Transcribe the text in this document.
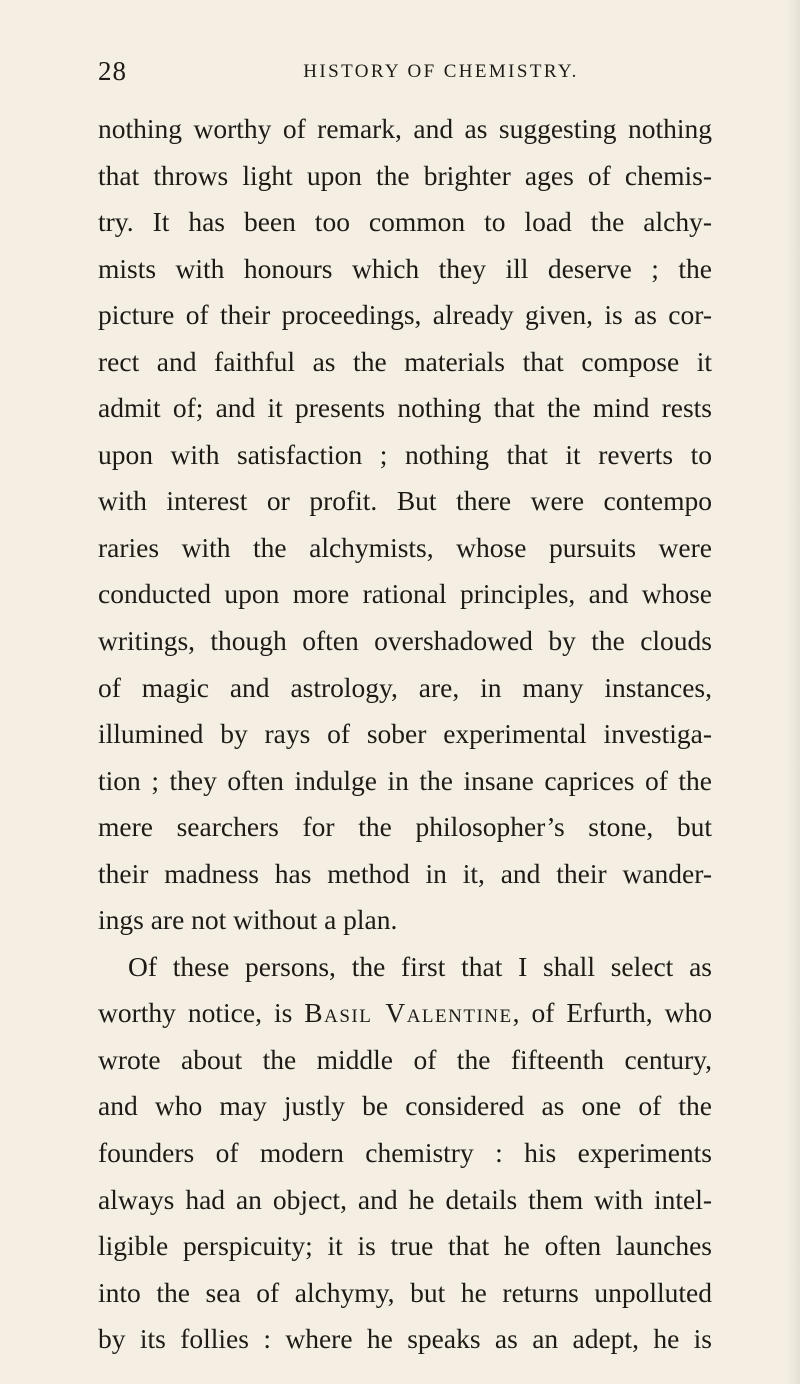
28	HISTORY OF CHEMISTRY.
nothing worthy of remark, and as suggesting nothing
that throws light upon the brighter ages of chemis-
try. It has been too common to load the alchy-
mists with honours which they ill deserve ; the
picture of their proceedings, already given, is as cor-
rect and faithful as the materials that compose it
admit of; and it presents nothing that the mind rests
upon with satisfaction ; nothing that it reverts to
with interest or profit. But there were contempo
raries with the alchymists, whose pursuits were
conducted upon more rational principles, and whose
writings, though often overshadowed by the clouds
of magic and astrology, are, in many instances,
illumined by rays of sober experimental investiga-
tion ; they often indulge in the insane caprices of the
mere searchers for the philosopher’s stone, but
their madness has method in it, and their wander-
ings are not without a plan.
Of these persons, the first that I shall select as
worthy notice, is Basil Valentine, of Erfurth, who
wrote about the middle of the fifteenth century,
and who may justly be considered as one of the
founders of modern chemistry : his experiments
always had an object, and he details them with intel-
ligible perspicuity; it is true that he often launches
into the sea of alchymy, but he returns unpolluted
by its follies : where he speaks as an adept, he is
